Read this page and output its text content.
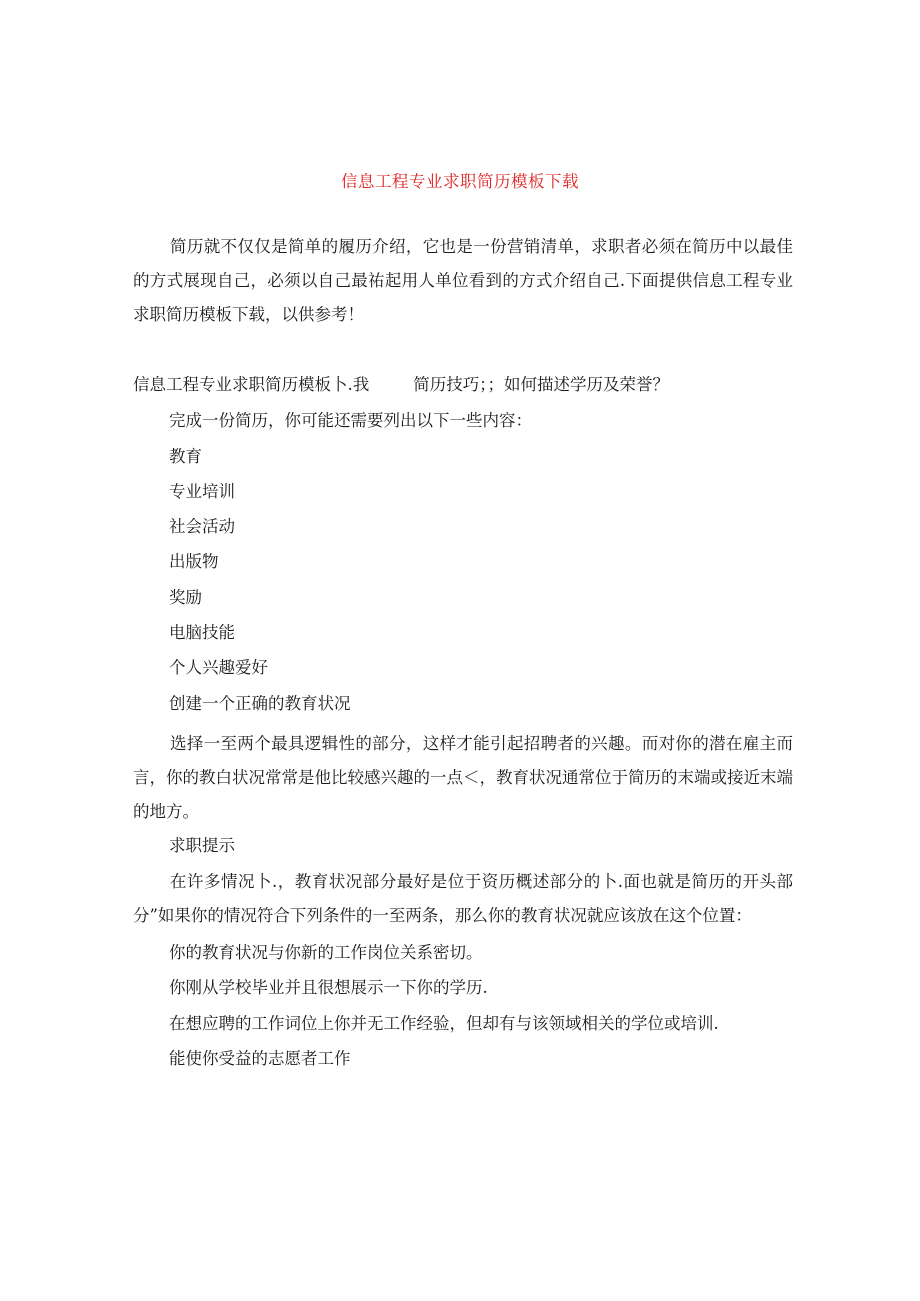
信息工程专业求职简历模板下载

简历就不仅仅是简单的履历介绍，它也是一份营销清单，求职者必须在简历中以最佳的方式展现自己，必须以自己最祐起用人单位看到的方式介绍自己.下面提供信息工程专业求职简历模板下载，以供参考！

信息工程专业求职简历模板卜.我	简历技巧；；如何描述学历及荣誉？
完成一份简历，你可能还需要列出以下一些内容：
教育
专业培训
社会活动
出版物
奖励
电脑技能
个人兴趣爱好
创建一个正确的教育状况

选择一至两个最具逻辑性的部分，这样才能引起招聘者的兴趣。而对你的潜在雇主而言，你的教白状况常常是他比较感兴趣的一点＜，教育状况通常位于简历的末端或接近末端的地方。

求职提示

在许多情况卜.，教育状况部分最好是位于资历概述部分的卜.面也就是简历的开头部分”如果你的情况符合下列条件的一至两条，那么你的教育状况就应该放在这个位置：

你的教育状况与你新的工作岗位关系密切。
你刚从学校毕业并且很想展示一下你的学历.
在想应聘的工作词位上你并无工作经验，但却有与该领域相关的学位或培训.
能使你受益的志愿者工作
